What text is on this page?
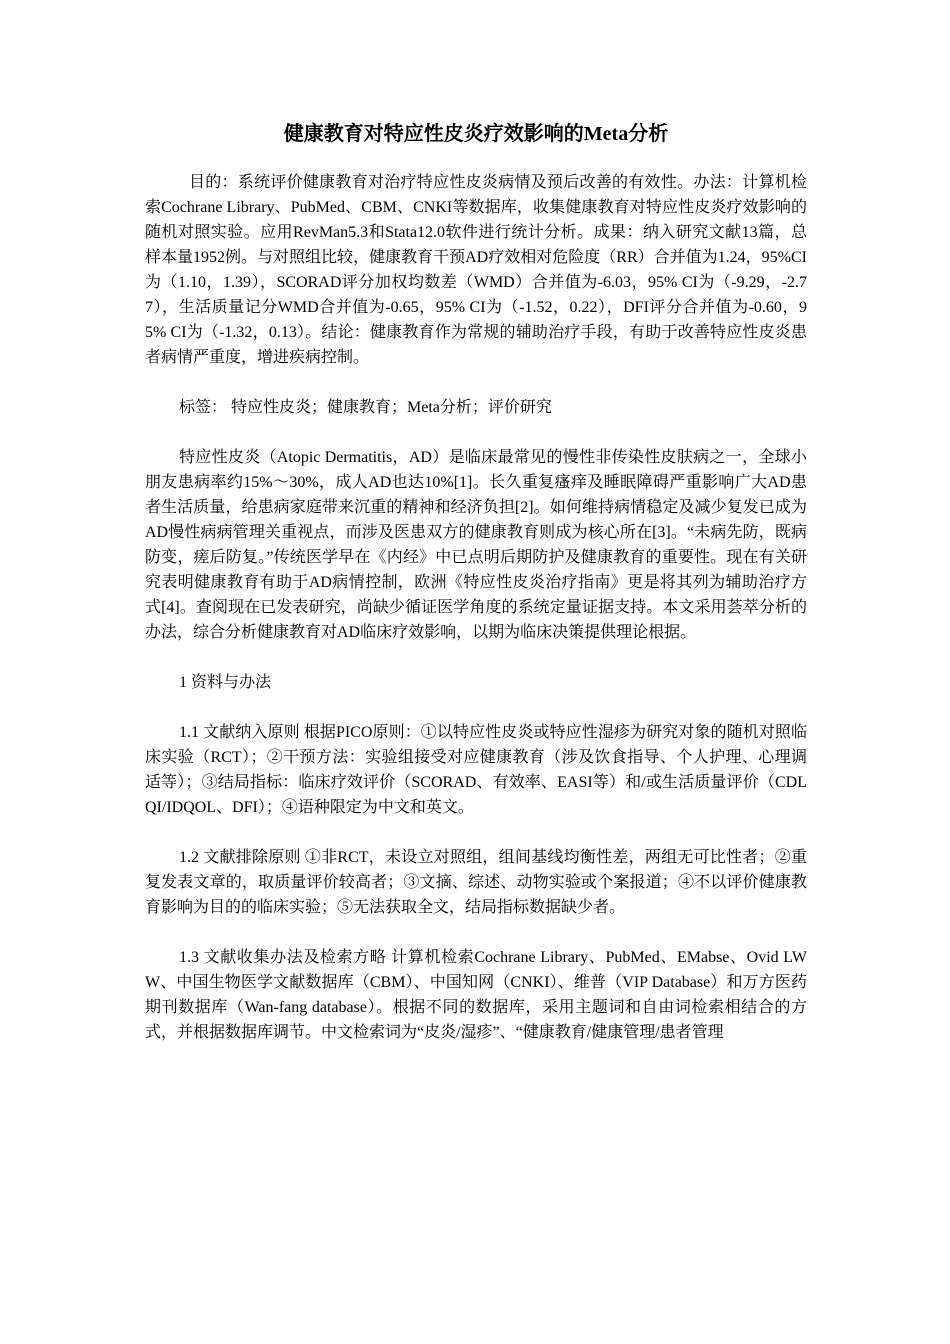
健康教育对特应性皮炎疗效影响的Meta分析

目的：系统评价健康教育对治疗特应性皮炎病情及预后改善的有效性。办法：计算机检索Cochrane Library、PubMed、CBM、CNKI等数据库，收集健康教育对特应性皮炎疗效影响的随机对照实验。应用RevMan5.3和Stata12.0软件进行统计分析。成果：纳入研究文献13篇，总样本量1952例。与对照组比较，健康教育干预AD疗效相对危险度（RR）合并值为1.24，95%CI为（1.10，1.39），SCORAD评分加权均数差（WMD）合并值为-6.03，95% CI为（-9.29，-2.77），生活质量记分WMD合并值为-0.65，95% CI为（-1.52，0.22），DFI评分合并值为-0.60，95% CI为（-1.32，0.13）。结论：健康教育作为常规的辅助治疗手段，有助于改善特应性皮炎患者病情严重度，增进疾病控制。

标签： 特应性皮炎；健康教育；Meta分析；评价研究

特应性皮炎（Atopic Dermatitis，AD）是临床最常见的慢性非传染性皮肤病之一，全球小朋友患病率约15%～30%，成人AD也达10%[1]。长久重复瘙痒及睡眠障碍严重影响广大AD患者生活质量，给患病家庭带来沉重的精神和经济负担[2]。如何维持病情稳定及减少复发已成为AD慢性病病管理关重视点，而涉及医患双方的健康教育则成为核心所在[3]。“未病先防，既病防变，瘥后防复。”传统医学早在《内经》中已点明后期防护及健康教育的重要性。现在有关研究表明健康教育有助于AD病情控制，欧洲《特应性皮炎治疗指南》更是将其列为辅助治疗方式[4]。查阅现在已发表研究，尚缺少循证医学角度的系统定量证据支持。本文采用荟萃分析的办法，综合分析健康教育对AD临床疗效影响，以期为临床决策提供理论根据。

1 资料与办法

1.1 文献纳入原则 根据PICO原则：①以特应性皮炎或特应性湿疹为研究对象的随机对照临床实验（RCT）；②干预方法：实验组接受对应健康教育（涉及饮食指导、个人护理、心理调适等）；③结局指标：临床疗效评价（SCORAD、有效率、EASI等）和/或生活质量评价（CDLQI/IDQOL、DFI）；④语种限定为中文和英文。

1.2 文献排除原则 ①非RCT，未设立对照组，组间基线均衡性差，两组无可比性者；②重复发表文章的，取质量评价较高者；③文摘、综述、动物实验或个案报道；④不以评价健康教育影响为目的的临床实验；⑤无法获取全文，结局指标数据缺少者。

1.3 文献收集办法及检索方略 计算机检索Cochrane Library、PubMed、EMabse、Ovid LWW、中国生物医学文献数据库（CBM）、中国知网（CNKI）、维普（VIP Database）和万方医药期刊数据库（Wan-fang database）。根据不同的数据库，采用主题词和自由词检索相结合的方式，并根据数据库调节。中文检索词为“皮炎/湿疹”、“健康教育/健康管理/患者管理
